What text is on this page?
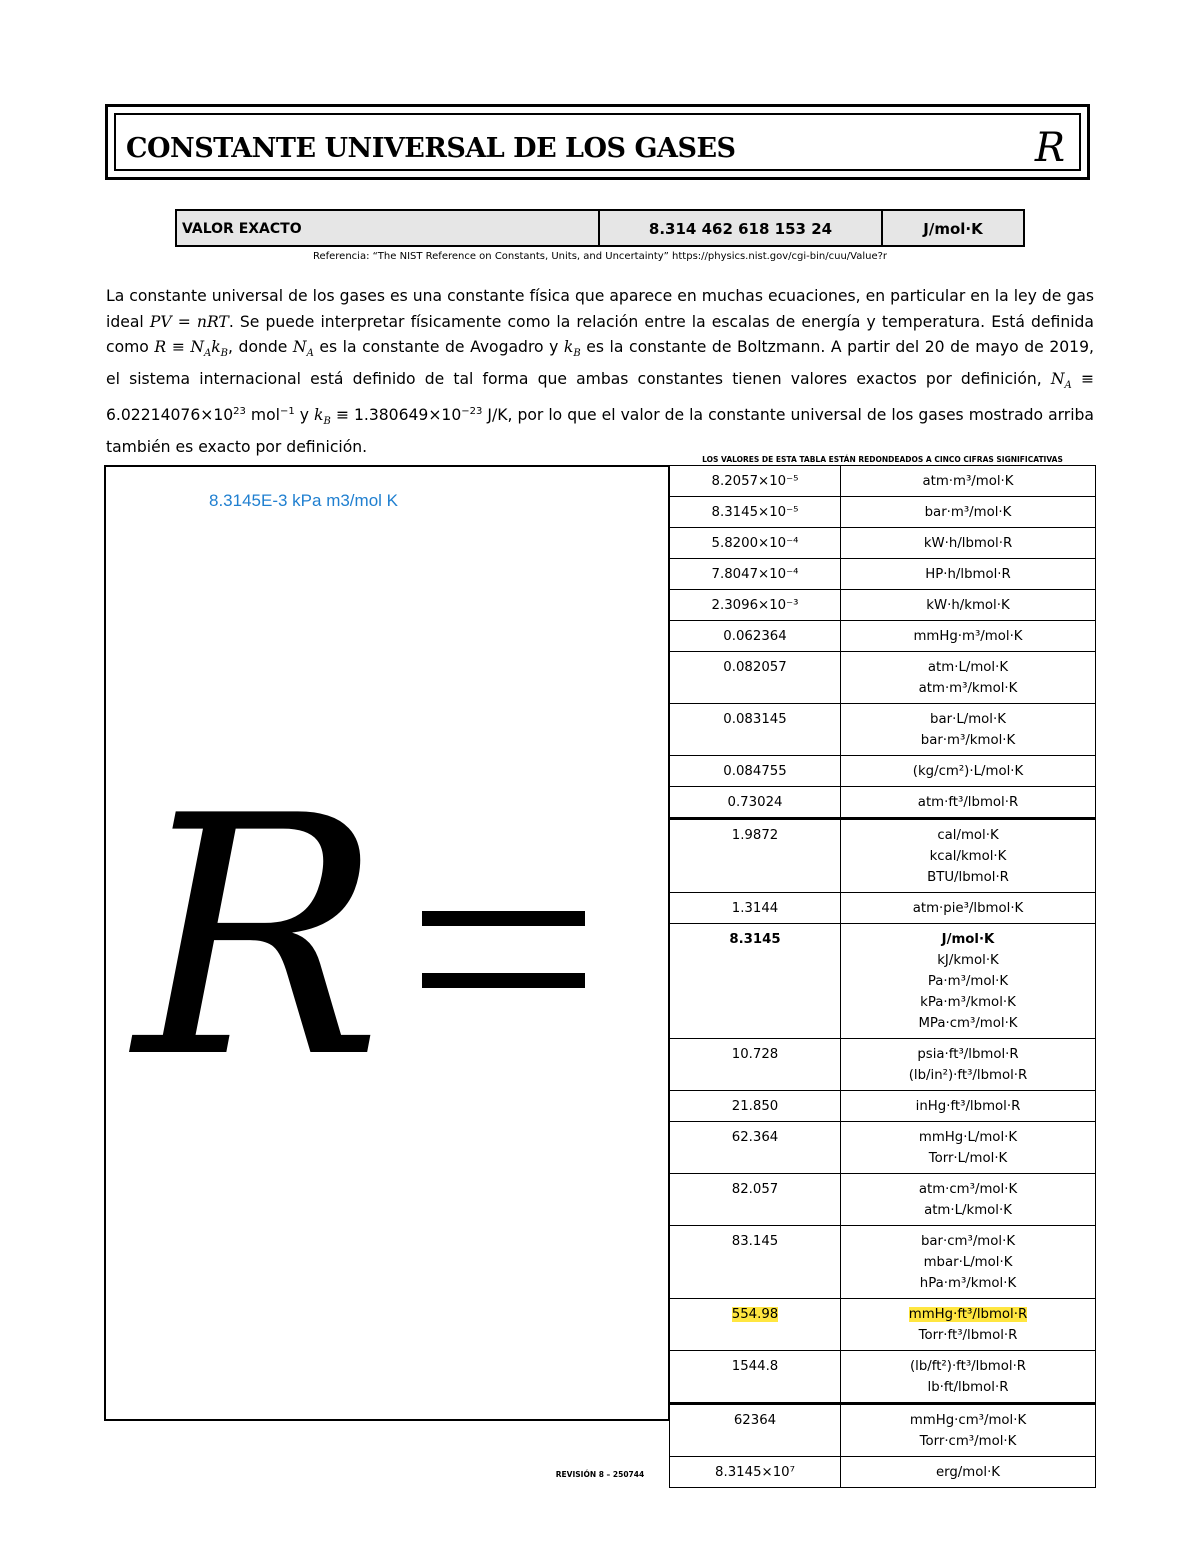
CONSTANTE UNIVERSAL DE LOS GASES	R
VALOR EXACTO	8.314 462 618 153 24	J/mol·K
Referencia: “The NIST Reference on Constants, Units, and Uncertainty” https://physics.nist.gov/cgi-bin/cuu/Value?r
La constante universal de los gases es una constante física que aparece en muchas ecuaciones, en particular en la ley de gas ideal PV = nRT. Se puede interpretar físicamente como la relación entre la escalas de energía y temperatura. Está definida como $R \equiv N_Ak_B$, donde $N_A$ es la constante de Avogadro y $k_B$ es la constante de Boltzmann. A partir del 20 de mayo de 2019, el sistema internacional está definido de tal forma que ambas constantes tienen valores exactos por definición, $N_A \equiv 6.02214076\times 10^{23}$ mol$^{-1}$ y $k_B \equiv 1.380649\times 10^{-23}$ J/K, por lo que el valor de la constante universal de los gases mostrado arriba también es exacto por definición.
LOS VALORES DE ESTA TABLA ESTÁN REDONDEADOS A CINCO CIFRAS SIGNIFICATIVAS
8.3145E-3 kPa m3/mol K
R
8.2057×10⁻⁵	atm·m³/mol·K

8.3145×10⁻⁵	bar·m³/mol·K

5.8200×10⁻⁴	kW·h/lbmol·R

7.8047×10⁻⁴	HP·h/lbmol·R

2.3096×10⁻³	kW·h/kmol·K

0.062364	mmHg·m³/mol·K

0.082057	atm·L/mol·K
atm·m³/kmol·K

0.083145	bar·L/mol·K
bar·m³/kmol·K

0.084755	(kg/cm²)·L/mol·K

0.73024	atm·ft³/lbmol·R

1.9872	cal/mol·K
kcal/kmol·K
BTU/lbmol·R

1.3144	atm·pie³/lbmol·K

8.3145	J/mol·K
kJ/kmol·K
Pa·m³/mol·K
kPa·m³/kmol·K
MPa·cm³/mol·K

10.728	psia·ft³/lbmol·R
(lb/in²)·ft³/lbmol·R

21.850	inHg·ft³/lbmol·R

62.364	mmHg·L/mol·K
Torr·L/mol·K

82.057	atm·cm³/mol·K
atm·L/kmol·K

83.145	bar·cm³/mol·K
mbar·L/mol·K
hPa·m³/kmol·K

554.98	mmHg·ft³/lbmol·R
Torr·ft³/lbmol·R

1544.8	(lb/ft²)·ft³/lbmol·R
lb·ft/lbmol·R

62364	mmHg·cm³/mol·K
Torr·cm³/mol·K

8.3145×10⁷	erg/mol·K
REVISIÓN 8 – 250744
